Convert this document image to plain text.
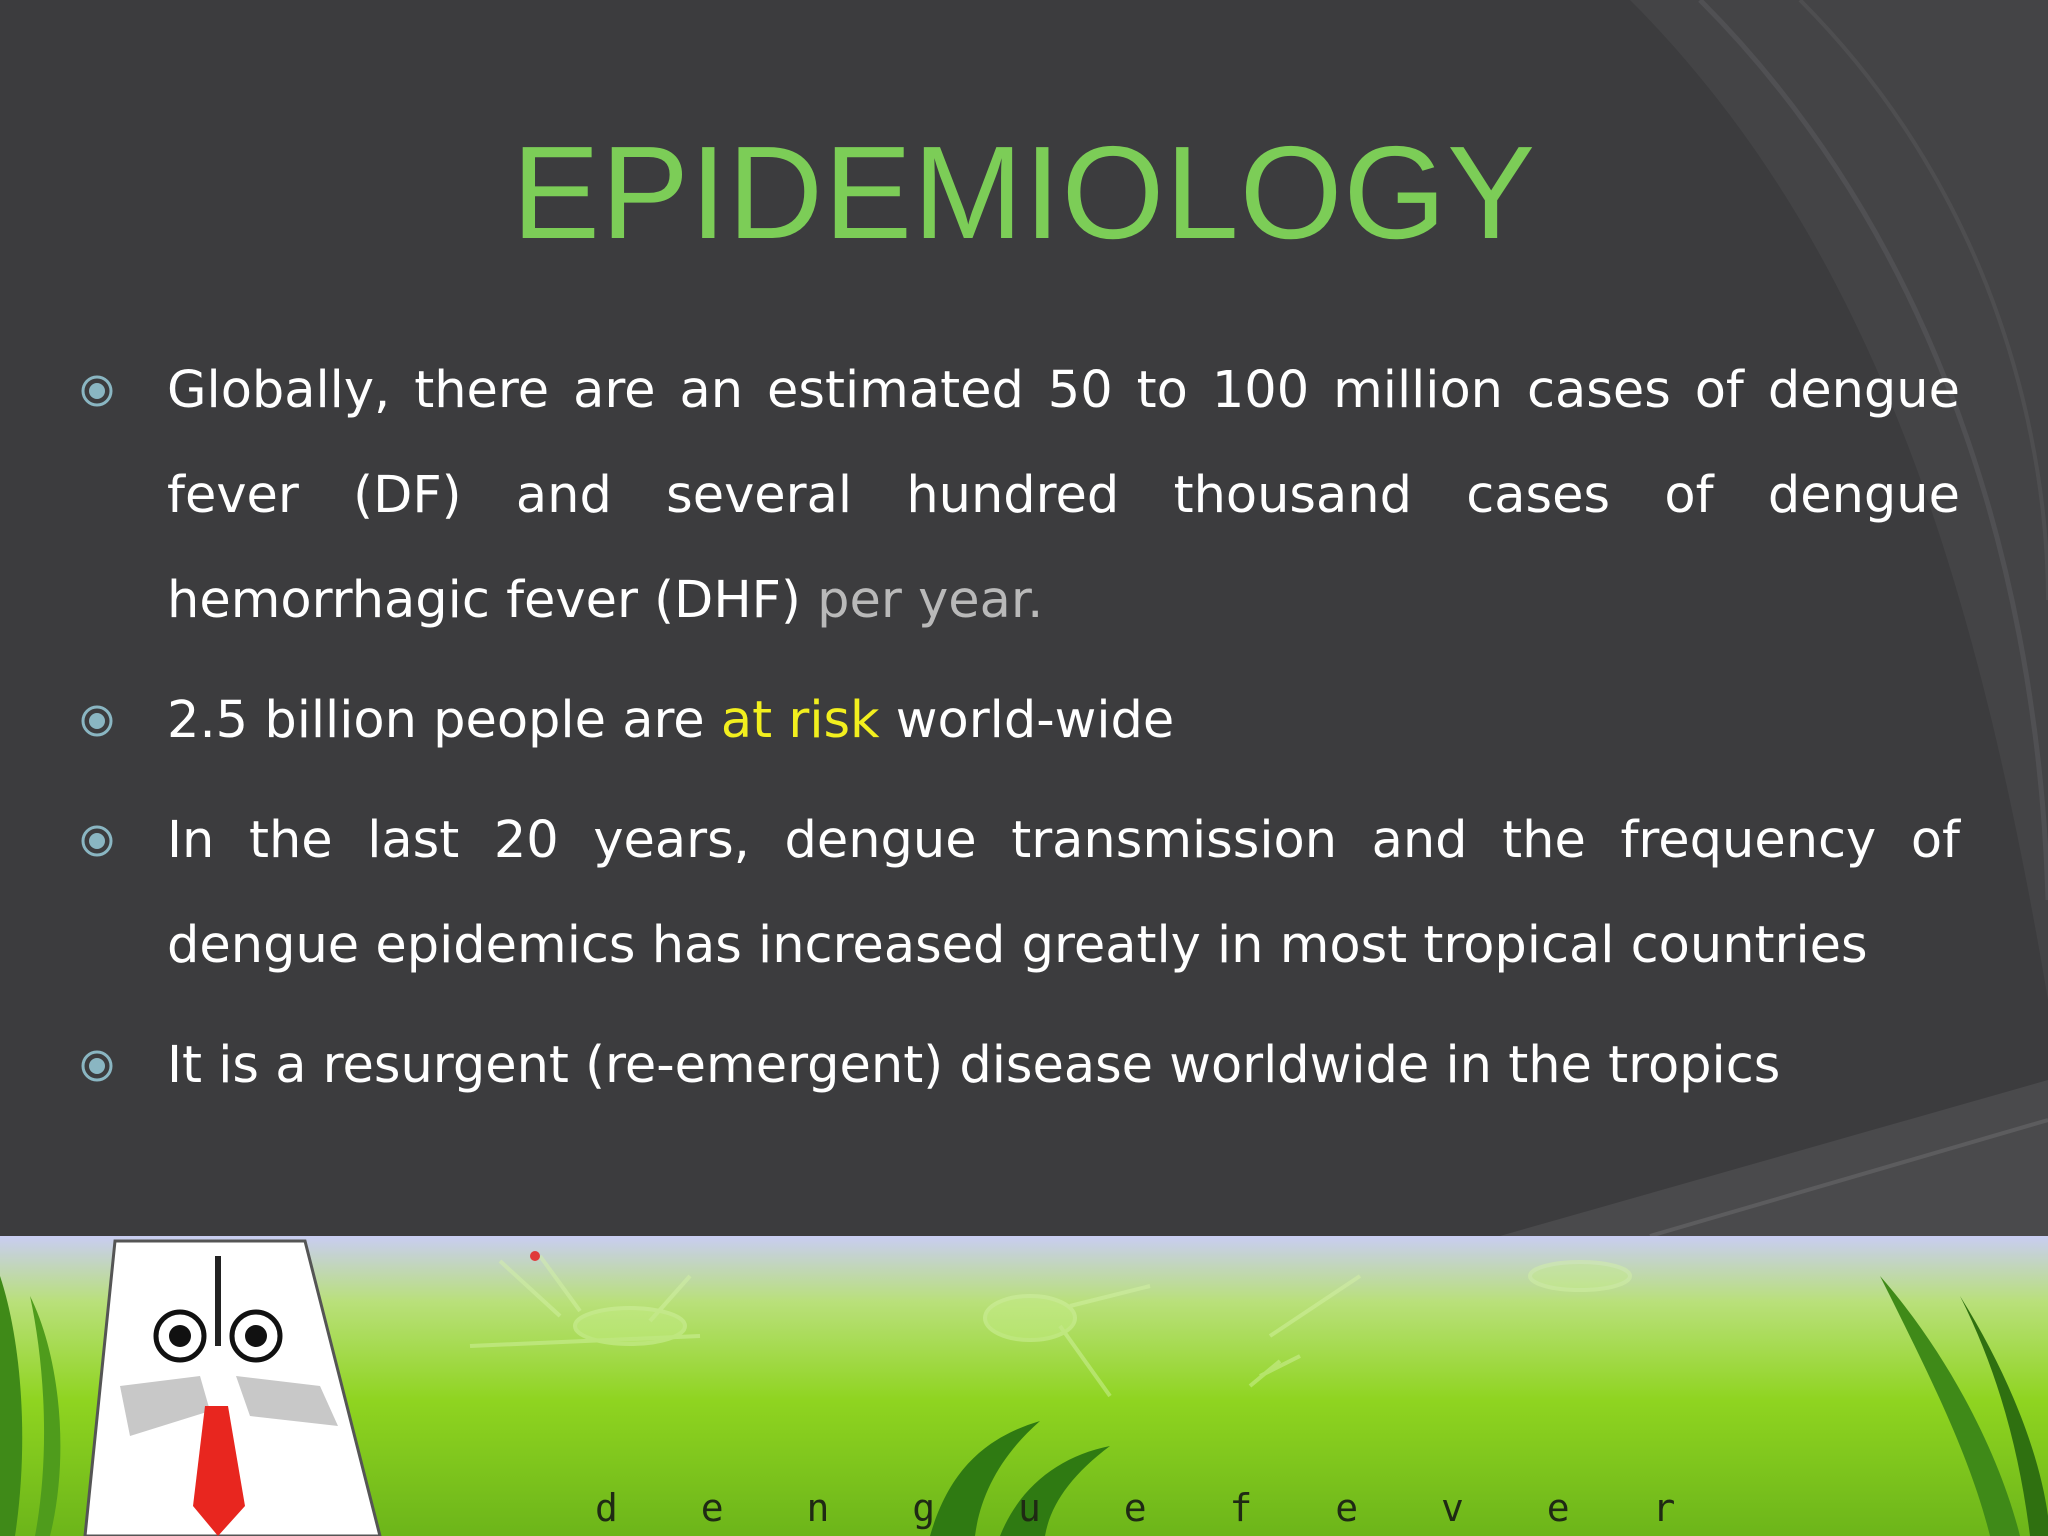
EPIDEMIOLOGY
Globally, there are an estimated 50 to 100 million cases of dengue fever (DF) and several hundred thousand cases of dengue hemorrhagic fever (DHF) per year.
2.5 billion people are at risk world-wide
In the last 20 years, dengue transmission and the frequency of dengue epidemics has increased greatly in most tropical countries
It is a resurgent (re-emergent) disease worldwide in the tropics
d e n g u e f e v e r
